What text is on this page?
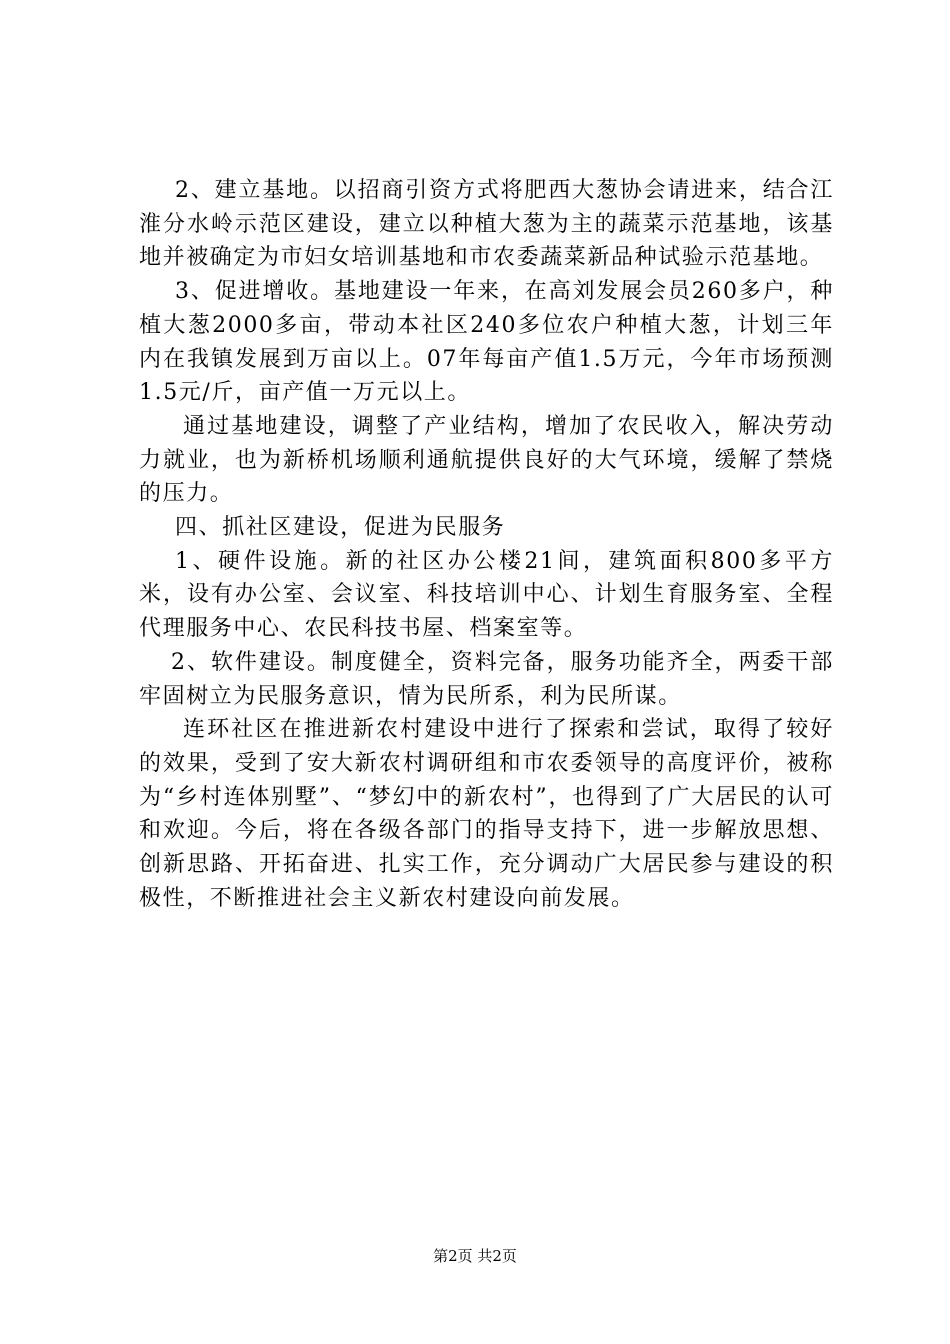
2、建立基地。以招商引资方式将肥西大葱协会请进来，结合江淮分水岭示范区建设，建立以种植大葱为主的蔬菜示范基地，该基地并被确定为市妇女培训基地和市农委蔬菜新品种试验示范基地。

3、促进增收。基地建设一年来，在高刘发展会员260多户，种植大葱2000多亩，带动本社区240多位农户种植大葱，计划三年内在我镇发展到万亩以上。07年每亩产值1.5万元，今年市场预测1.5元/斤，亩产值一万元以上。

通过基地建设，调整了产业结构，增加了农民收入，解决劳动力就业，也为新桥机场顺利通航提供良好的大气环境，缓解了禁烧的压力。

四、抓社区建设，促进为民服务

1、硬件设施。新的社区办公楼21间，建筑面积800多平方米，设有办公室、会议室、科技培训中心、计划生育服务室、全程代理服务中心、农民科技书屋、档案室等。

2、软件建设。制度健全，资料完备，服务功能齐全，两委干部牢固树立为民服务意识，情为民所系，利为民所谋。

连环社区在推进新农村建设中进行了探索和尝试，取得了较好的效果，受到了安大新农村调研组和市农委领导的高度评价，被称为“乡村连体别墅”、“梦幻中的新农村”，也得到了广大居民的认可和欢迎。今后，将在各级各部门的指导支持下，进一步解放思想、创新思路、开拓奋进、扎实工作，充分调动广大居民参与建设的积极性，不断推进社会主义新农村建设向前发展。

第2页 共2页
